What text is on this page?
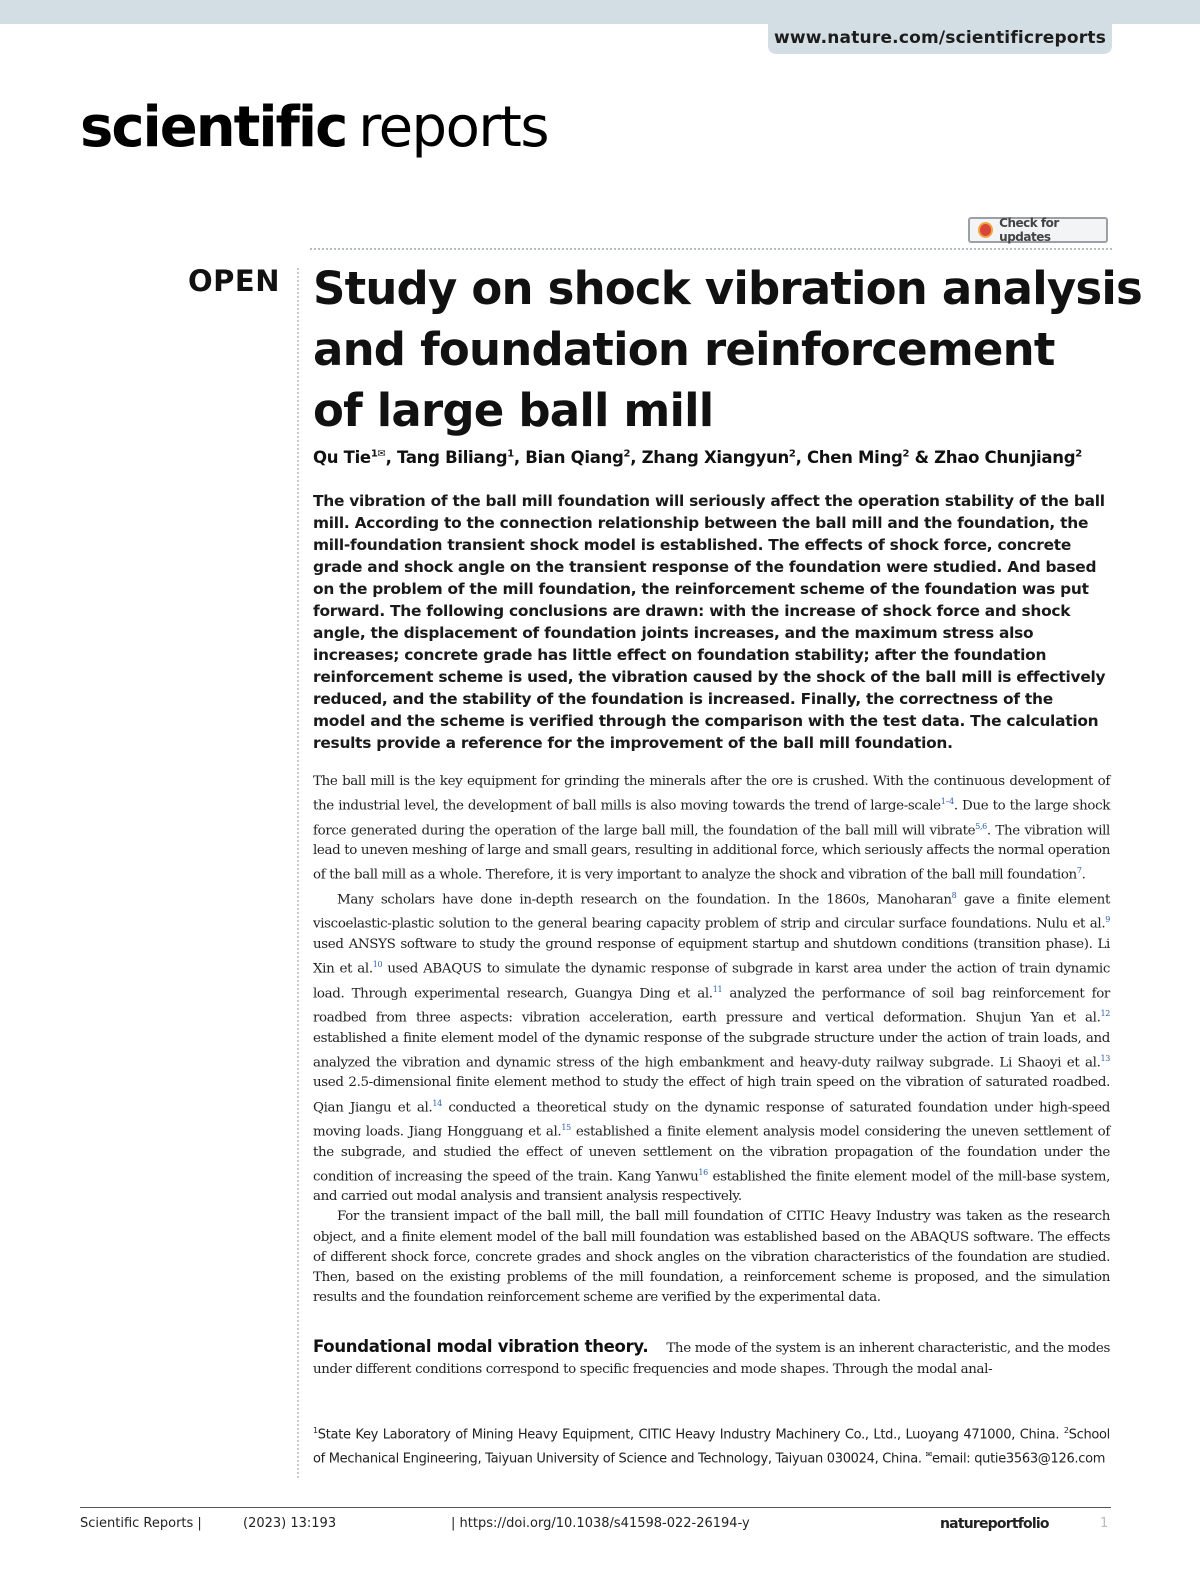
www.nature.com/scientificreports
scientific reports
Check for updates
OPEN Study on shock vibration analysis
and foundation reinforcement
of large ball mill
Qu Tie$^{1✉}$, Tang Biliang$^1$, Bian Qiang$^2$, Zhang Xiangyun$^2$, Chen Ming$^2$ & Zhao Chunjiang$^2$

The vibration of the ball mill foundation will seriously affect the operation stability of the ball mill. According to the connection relationship between the ball mill and the foundation, the mill-foundation transient shock model is established. The effects of shock force, concrete grade and shock angle on the transient response of the foundation were studied. And based on the problem of the mill foundation, the reinforcement scheme of the foundation was put forward. The following conclusions are drawn: with the increase of shock force and shock angle, the displacement of foundation joints increases, and the maximum stress also increases; concrete grade has little effect on foundation stability; after the foundation reinforcement scheme is used, the vibration caused by the shock of the ball mill is effectively reduced, and the stability of the foundation is increased. Finally, the correctness of the model and the scheme is verified through the comparison with the test data. The calculation results provide a reference for the improvement of the ball mill foundation.

The ball mill is the key equipment for grinding the minerals after the ore is crushed. With the continuous development of the industrial level, the development of ball mills is also moving towards the trend of large-scale$^{1-4}$. Due to the large shock force generated during the operation of the large ball mill, the foundation of the ball mill will vibrate$^{5,6}$. The vibration will lead to uneven meshing of large and small gears, resulting in additional force, which seriously affects the normal operation of the ball mill as a whole. Therefore, it is very important to analyze the shock and vibration of the ball mill foundation$^7$.

Many scholars have done in-depth research on the foundation. In the 1860s, Manoharan$^8$ gave a finite element viscoelastic-plastic solution to the general bearing capacity problem of strip and circular surface foundations. Nulu et al.$^9$ used ANSYS software to study the ground response of equipment startup and shutdown conditions (transition phase). Li Xin et al.$^{10}$ used ABAQUS to simulate the dynamic response of subgrade in karst area under the action of train dynamic load. Through experimental research, Guangya Ding et al.$^{11}$ analyzed the performance of soil bag reinforcement for roadbed from three aspects: vibration acceleration, earth pressure and vertical deformation. Shujun Yan et al.$^{12}$ established a finite element model of the dynamic response of the subgrade structure under the action of train loads, and analyzed the vibration and dynamic stress of the high embankment and heavy-duty railway subgrade. Li Shaoyi et al.$^{13}$ used 2.5-dimensional finite element method to study the effect of high train speed on the vibration of saturated roadbed. Qian Jiangu et al.$^{14}$ conducted a theoretical study on the dynamic response of saturated foundation under high-speed moving loads. Jiang Hongguang et al.$^{15}$ established a finite element analysis model considering the uneven settlement of the subgrade, and studied the effect of uneven settlement on the vibration propagation of the foundation under the condition of increasing the speed of the train. Kang Yanwu$^{16}$ established the finite element model of the mill-base system, and carried out modal analysis and transient analysis respectively.

For the transient impact of the ball mill, the ball mill foundation of CITIC Heavy Industry was taken as the research object, and a finite element model of the ball mill foundation was established based on the ABAQUS software. The effects of different shock force, concrete grades and shock angles on the vibration characteristics of the foundation are studied. Then, based on the existing problems of the mill foundation, a reinforcement scheme is proposed, and the simulation results and the foundation reinforcement scheme are verified by the experimental data.

Foundational modal vibration theory. The mode of the system is an inherent characteristic, and the modes under different conditions correspond to specific frequencies and mode shapes. Through the modal anal-

$^1$State Key Laboratory of Mining Heavy Equipment, CITIC Heavy Industry Machinery Co., Ltd., Luoyang 471000, China. $^2$School of Mechanical Engineering, Taiyuan University of Science and Technology, Taiyuan 030024, China. ✉email: qutie3563@126.com

Scientific Reports |	(2023) 13:193	| https://doi.org/10.1038/s41598-022-26194-y	natureportfolio	1
